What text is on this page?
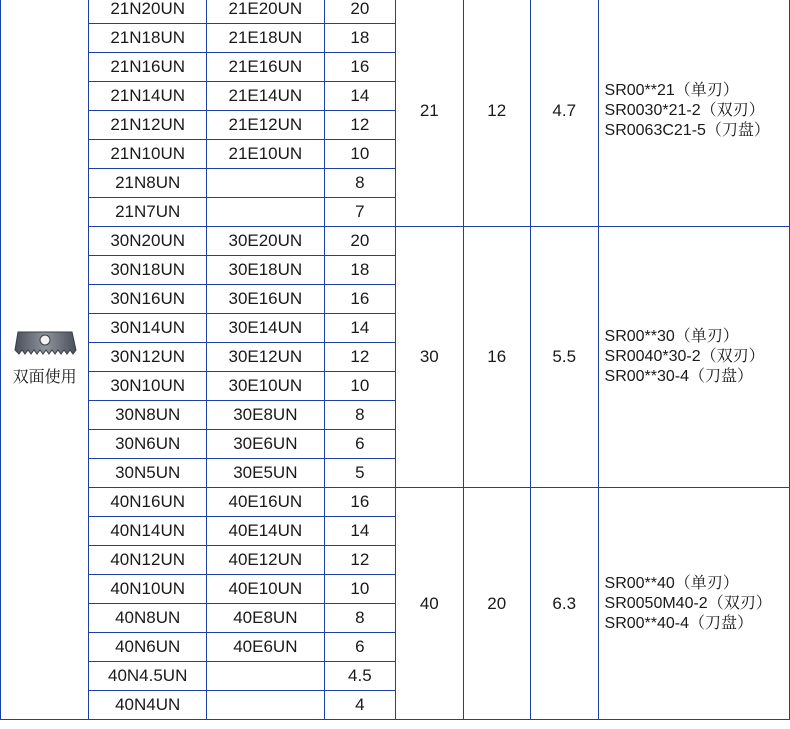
双面使用	21N20UN	21E20UN	20	21	12	4.7	SR00**21（单刃）
SR0030*21-2（双刃）
SR0063C21-5（刀盘）

	21N18UN	21E18UN	18				
	21N16UN	21E16UN	16				
	21N14UN	21E14UN	14				
	21N12UN	21E12UN	12				
	21N10UN	21E10UN	10				
	21N8UN		8				
	21N7UN		7				
	30N20UN	30E20UN	20	30	16	5.5	SR00**30（单刃）
SR0040*30-2（双刃）
SR00**30-4（刀盘）

	30N18UN	30E18UN	18				
	30N16UN	30E16UN	16				
	30N14UN	30E14UN	14				
	30N12UN	30E12UN	12				
	30N10UN	30E10UN	10				
	30N8UN	30E8UN	8				
	30N6UN	30E6UN	6				
	30N5UN	30E5UN	5				
	40N16UN	40E16UN	16	40	20	6.3	SR00**40（单刃）
SR0050M40-2（双刃）
SR00**40-4（刀盘）

	40N14UN	40E14UN	14				
	40N12UN	40E12UN	12				
	40N10UN	40E10UN	10				
	40N8UN	40E8UN	8				
	40N6UN	40E6UN	6				
	40N4.5UN		4.5				
	40N4UN		4				
